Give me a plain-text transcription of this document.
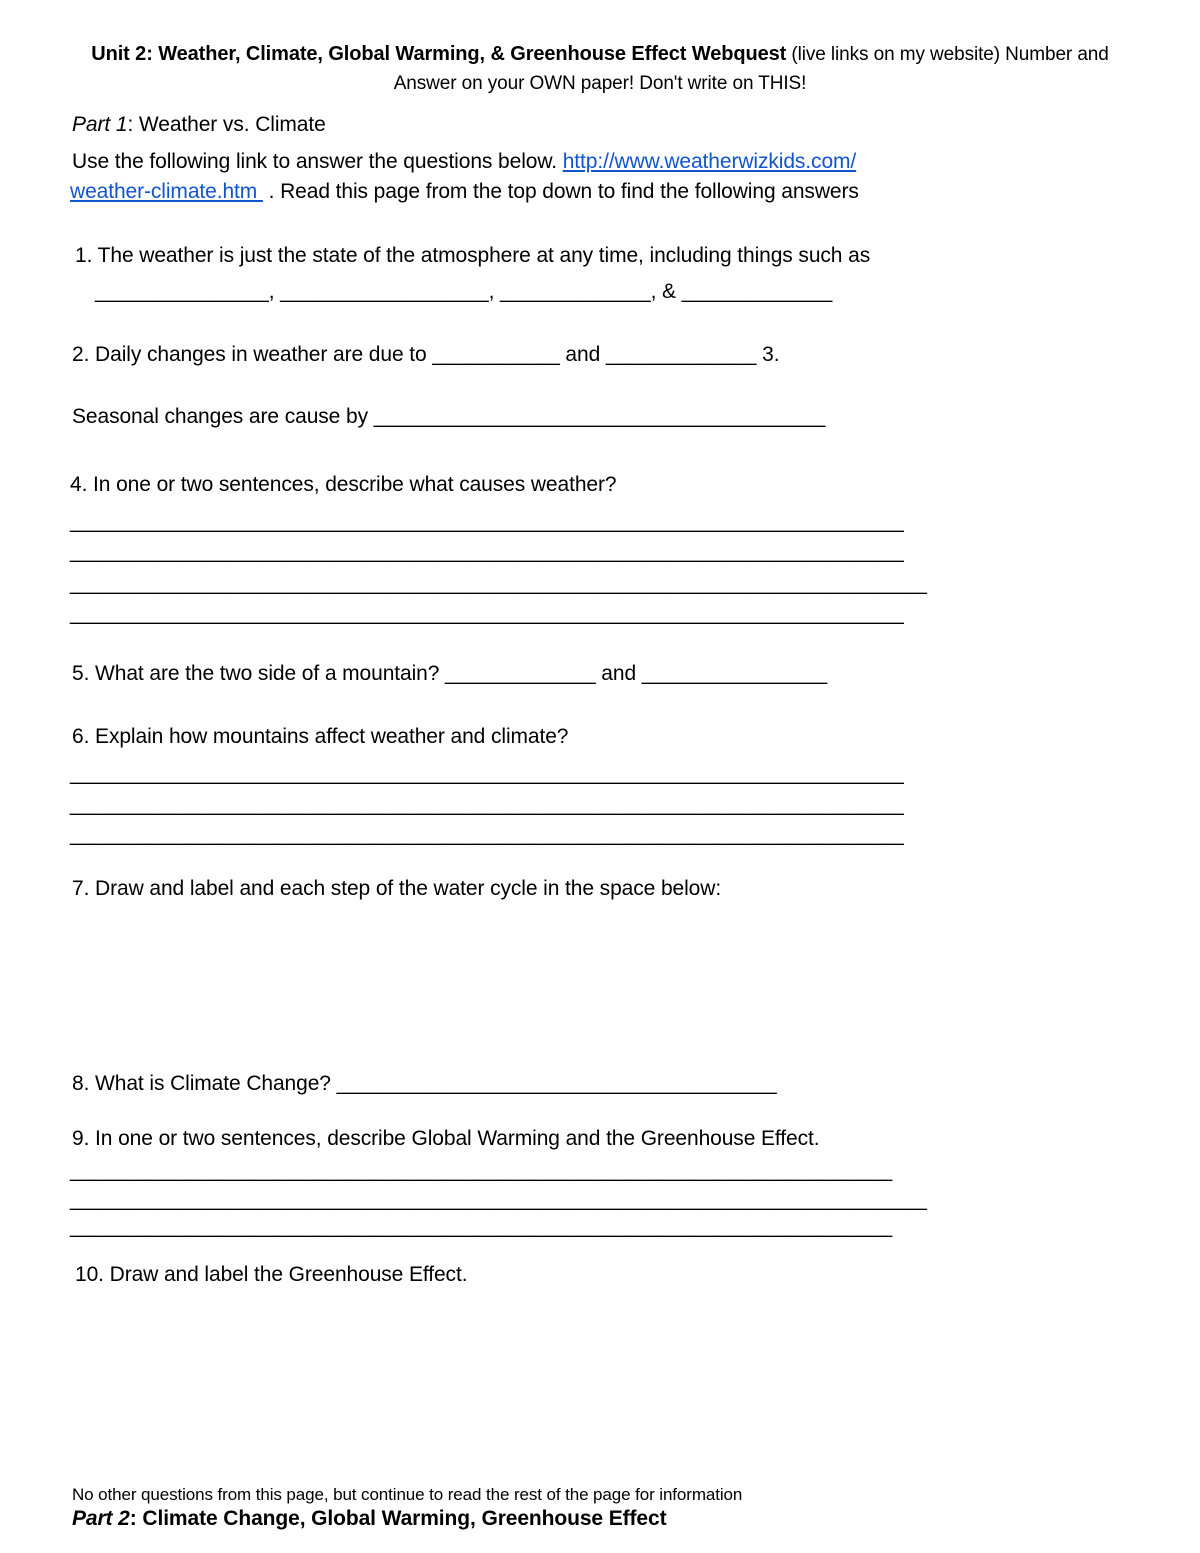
Unit 2: Weather, Climate, Global Warming, & Greenhouse Effect Webquest (live links on my website) Number and Answer on your OWN paper! Don't write on THIS!
Part 1: Weather vs. Climate
Use the following link to answer the questions below. http://www.weatherwizkids.com/
weather-climate.htm  . Read this page from the top down to find the following answers
1. The weather is just the state of the atmosphere at any time, including things such as
_______________, __________________, _____________, & _____________
2. Daily changes in weather are due to ___________ and _____________ 3.
Seasonal changes are cause by _______________________________________
4. In one or two sentences, describe what causes weather?
________________________________________________________________________
________________________________________________________________________
__________________________________________________________________________
________________________________________________________________________
5. What are the two side of a mountain? _____________ and ________________
6. Explain how mountains affect weather and climate?
________________________________________________________________________
________________________________________________________________________
________________________________________________________________________
7. Draw and label and each step of the water cycle in the space below:
8. What is Climate Change? ______________________________________
9. In one or two sentences, describe Global Warming and the Greenhouse Effect.
_______________________________________________________________________
__________________________________________________________________________
_______________________________________________________________________
10. Draw and label the Greenhouse Effect.
No other questions from this page, but continue to read the rest of the page for information
Part 2: Climate Change, Global Warming, Greenhouse Effect
